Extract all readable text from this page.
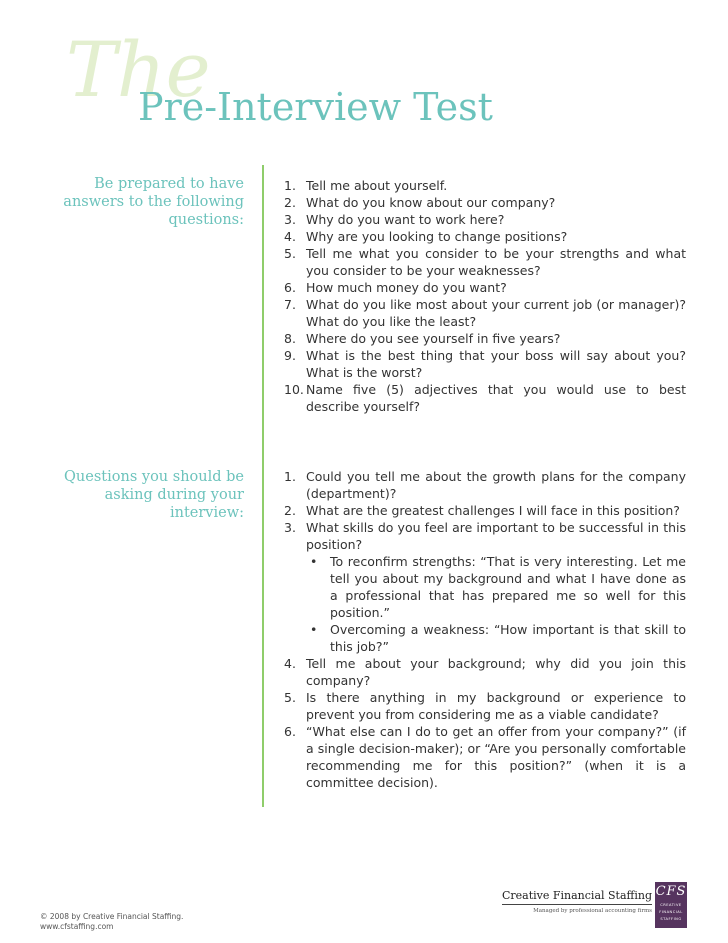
The
Pre-Interview Test
Be prepared to have answers to the following questions:
1. Tell me about yourself.
2. What do you know about our company?
3. Why do you want to work here?
4. Why are you looking to change positions?
5. Tell me what you consider to be your strengths and what you consider to be your weaknesses?
6. How much money do you want?
7. What do you like most about your current job (or manager)? What do you like the least?
8. Where do you see yourself in five years?
9. What is the best thing that your boss will say about you? What is the worst?
10. Name five (5) adjectives that you would use to best describe yourself?
Questions you should be asking during your interview:
1. Could you tell me about the growth plans for the company (department)?
2. What are the greatest challenges I will face in this position?
3. What skills do you feel are important to be successful in this position?
• To reconfirm strengths: “That is very interesting. Let me tell you about my background and what I have done as a professional that has prepared me so well for this position.”
• Overcoming a weakness: “How important is that skill to this job?”
4. Tell me about your background; why did you join this company?
5. Is there anything in my background or experience to prevent you from considering me as a viable candidate?
6. “What else can I do to get an offer from your company?” (if a single decision-maker); or “Are you personally comfortable recommending me for this position?” (when it is a committee decision).
© 2008 by Creative Financial Staffing.
www.cfstaffing.com
Creative Financial Staffing
Managed by professional accounting firms
CFS
CREATIVE
FINANCIAL
STAFFING
